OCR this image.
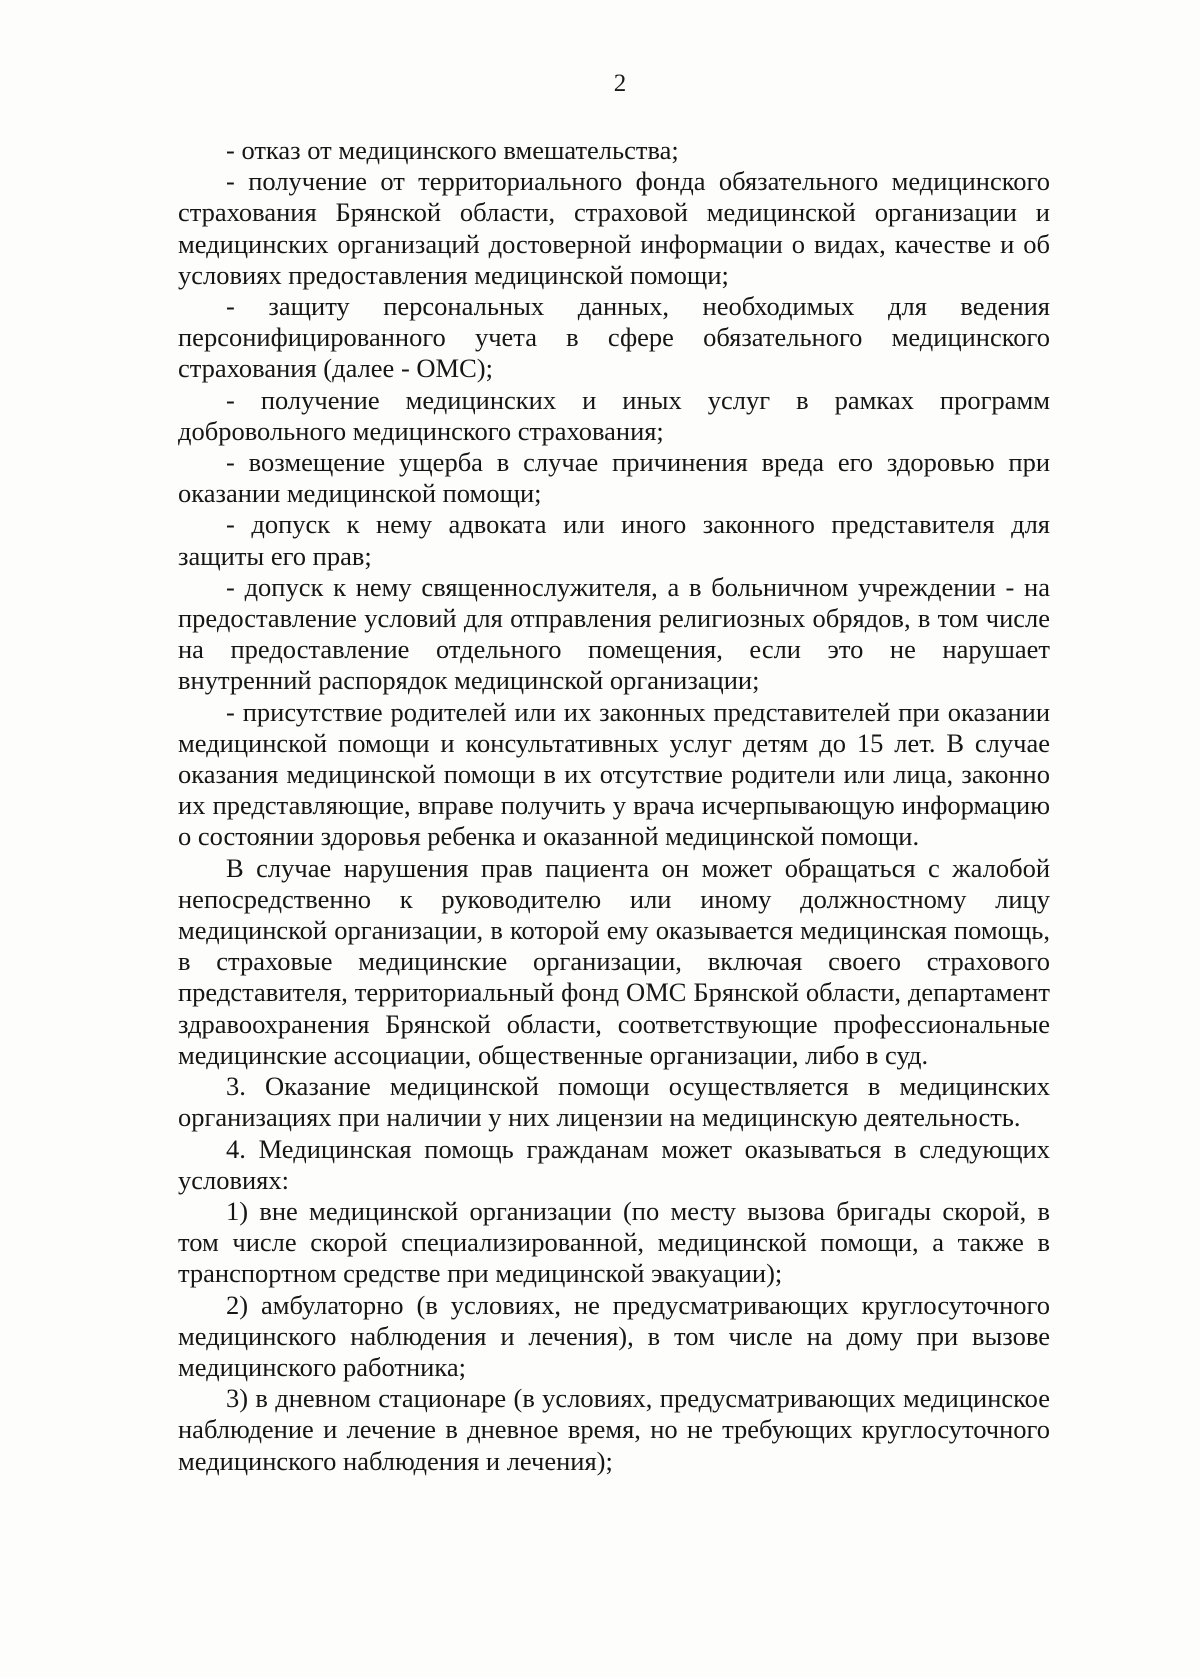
2

- отказ от медицинского вмешательства;

- получение от территориального фонда обязательного медицинского страхования Брянской области, страховой медицинской организации и медицинских организаций достоверной информации о видах, качестве и об условиях предоставления медицинской помощи;

- защиту персональных данных, необходимых для ведения персонифицированного учета в сфере обязательного медицинского страхования (далее - ОМС);

- получение медицинских и иных услуг в рамках программ добровольного медицинского страхования;

- возмещение ущерба в случае причинения вреда его здоровью при оказании медицинской помощи;

- допуск к нему адвоката или иного законного представителя для защиты его прав;

- допуск к нему священнослужителя, а в больничном учреждении - на предоставление условий для отправления религиозных обрядов, в том числе на предоставление отдельного помещения, если это не нарушает внутренний распорядок медицинской организации;

- присутствие родителей или их законных представителей при оказании медицинской помощи и консультативных услуг детям до 15 лет. В случае оказания медицинской помощи в их отсутствие родители или лица, законно их представляющие, вправе получить у врача исчерпывающую информацию о состоянии здоровья ребенка и оказанной медицинской помощи.

В случае нарушения прав пациента он может обращаться с жалобой непосредственно к руководителю или иному должностному лицу медицинской организации, в которой ему оказывается медицинская помощь, в страховые медицинские организации, включая своего страхового представителя, территориальный фонд ОМС Брянской области, департамент здравоохранения Брянской области, соответствующие профессиональные медицинские ассоциации, общественные организации, либо в суд.

3. Оказание медицинской помощи осуществляется в медицинских организациях при наличии у них лицензии на медицинскую деятельность.

4. Медицинская помощь гражданам может оказываться в следующих условиях:

1) вне медицинской организации (по месту вызова бригады скорой, в том числе скорой специализированной, медицинской помощи, а также в транспортном средстве при медицинской эвакуации);

2) амбулаторно (в условиях, не предусматривающих круглосуточного медицинского наблюдения и лечения), в том числе на дому при вызове медицинского работника;

3) в дневном стационаре (в условиях, предусматривающих медицинское наблюдение и лечение в дневное время, но не требующих круглосуточного медицинского наблюдения и лечения);
